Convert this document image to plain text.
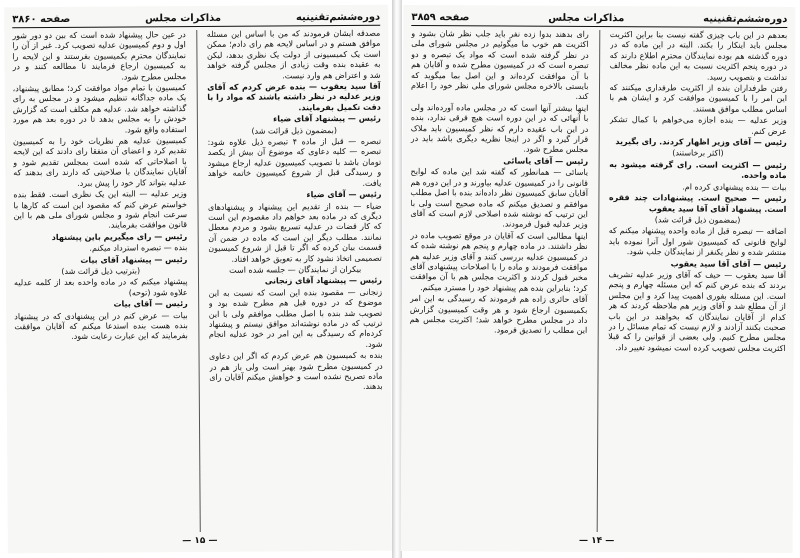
دوره‌ششم‌تقنینیه
مذاکرات مجلس
صفحه ۳۸۶۰

مصدقه ایشان فرمودند که من با اساس این مسئله موافق هستم و در اساس لایحه هم رای دادم؛ ممکن است یک کمیسیونی از دولت یک نظری بدهد، لیکن به عقیده بنده وقت زیادی از مجلس گرفته خواهد شد و اعتراض هم وارد نیست.

آقا سید یعقوب — بنده عرض کردم که آقای وزیر عدلیه در نظر داشته باشند که مواد را با دقت تکمیل بفرمایند.

رئیس — پیشنهاد آقای ضیاء

(بمضمون ذیل قرائت شد)

تبصره — قبل از ماده ۴ تبصره ذیل علاوه شود: تبصره — کلیه دعاوی که موضوع آن بیش از یکصد تومان باشد با تصویب کمیسیون عدلیه ارجاع میشود و رسیدگی قبل از شروع کمیسیون خاتمه خواهد یافت.

رئیس — آقای ضیاء

ضیاء — بنده از تقدیم این پیشنهاد و پیشنهادهای دیگری که در ماده بعد خواهم داد مقصودم این است که کار قضات در عدلیه تسریع بشود و مردم معطل نمانند. مطلب دیگر این است که ماده در ضمن آن قسمت بیان کرده که اگر تا قبل از شروع کمیسیون تصمیمی اتخاذ نشود کار به تعویق خواهد افتاد.

بیکران از نمایندگان — جلسه شده است

رئیس — پیشنهاد آقای زنجانی

زنجانی — مقصود بنده این است که نسبت به این موضوع که در دوره قبل هم مطرح شده بود و تصویب شد بنده با اصل مطلب موافقم ولی با این ترتیب که در ماده نوشته‌اند موافق نیستم و پیشنهاد کرده‌ام که رسیدگی به این امر در خود عدلیه انجام شود.

بنده به کمیسیون هم عرض کردم که اگر این دعاوی در کمیسیون مطرح شود بهتر است ولی باز هم در ماده تصریح نشده است و خواهش میکنم آقایان رای بدهند.

در عین حال پیشنهاد شده است که بین دو دور شور اول و دوم کمیسیون عدلیه تصویب کرد. غیر از آن را نمایندگان محترم بکمیسیون بفرستند و این لایحه را به کمیسیون ارجاع فرمایند تا مطالعه کنند و در مجلس مطرح شود.

کمیسیون با تمام مواد موافقت کرد؛ مطابق پیشنهاد، یک ماده جداگانه تنظیم میشود و در مجلس به رای گذاشته خواهد شد. عدلیه هم مکلف است که گزارش خودش را به مجلس بدهد تا در دوره بعد هم مورد استفاده واقع شود.

کمیسیون عدلیه هم نظریات خود را به کمیسیون تقدیم کرد و اعضای آن متفقا رای دادند که این لایحه با اصلاحاتی که شده است بمجلس تقدیم شود و آقایان نمایندگان با صلاحیتی که دارند رای بدهند که عدلیه بتواند کار خود را پیش ببرد.

وزیر عدلیه — البته این یک نظری است. فقط بنده خواستم عرض کنم که مقصود این است که کارها با سرعت انجام شود و مجلس شورای ملی هم با این قانون موافقت بفرمایند.

رئیس — رای میگیریم باین پیشنهاد

بنده — تبصره استرداد میکنم.

رئیس — پیشنهاد آقای بیات

(بترتیب ذیل قرائت شد)

پیشنهاد میکنم که در ماده واحده بعد از کلمه عدلیه علاوه شود (توحه)

رئیس — آقای بیات

بیات — عرض کنم در این پیشنهادی که در پیشنهاد بنده هست بنده استدعا میکنم که آقایان موافقت بفرمایند که این عبارت رعایت شود.

— ۱۵ —
دوره‌ششم‌تقنینیه
مذاکرات مجلس
صفحه ۳۸۵۹

بعدهم در این باب چیزی گفته نیست بنا براین اکثریت مجلس باید اینکار را بکند. البته در این ماده که در دوره گذشته هم بوده نمایندگان محترم اطلاع دارند که در دوره پنجم اکثریت نسبت به این ماده نظر مخالف نداشت و بتصویب رسید.

رفتن طرفداران بنده از اکثریت طرفداری میکنند که این امر را با کمیسیون موافقت کرد و ایشان هم با اساس مطلب موافق هستند.

وزیر عدلیه — بنده اجازه می‌خواهم با کمال تشکر عرض کنم.

رئیس — آقای وزیر اظهار کردند. رای بگیرید

(اکثر برخاستند)

رئیس — اکثریت است. رای گرفته میشود به ماده واحده.

بیات — بنده پیشنهادی کرده ام.

رئیس — صحیح است. پیشنهادات چند فقره است. پیشنهاد آقای آقا سید یعقوب

(بمضمون ذیل قرائت شد)

اضافه — تبصره قبل از ماده واحده پیشنهاد میکنم که لوایح قانونی که کمیسیون شور اول آنرا نموده باید منتشر شده و نظر یکنفر از نمایندگان جلب شود.

رئیس — آقای آقا سید یعقوب

آقا سید یعقوب — حیف که آقای وزیر عدلیه تشریف بردند که بنده عرض کنم که این مسئله چهارم و پنجم است. این مسئله بفوری اهمیت پیدا کرد و این مجلس از آن مطلع شد و آقای وزیر هم ملاحظه کردند که هر کدام از آقایان نمایندگان که بخواهند در این باب صحبت بکنند آزادند و لازم نیست که تمام مسائل را در مجلس مطرح کنیم. ولی بعضی از قوانین را که قبلا اکثریت مجلس تصویب کرده است نمیشود تغییر داد.

رای بدهند بدوا زده نفر باید جلب نظر شان بشود و اکثریت هم خوب ما میگوئیم در مجلس شورای ملی در نظر گرفته شده است که مواد یک تبصره و دو تبصره است که در کمیسیون مطرح شده و آقایان هم با آن موافقت کرده‌اند و این اصل بما میگوید که بایستی بالاخره مجلس شورای ملی نظر خود را اعلام کند.

اینها بیشتر آنها است که در مجلس ماده آورده‌اند ولی با آنهائی که در این دوره است هیچ فرقی ندارد، بنده در این باب عقیده دارم که نظر کمیسیون باید ملاک قرار گیرد و اگر در اینجا نظریه دیگری باشد باید در مجلس مطرح شود.

رئیس — آقای یاسائی

یاسائی — همانطور که گفته شد این ماده که لوایح قانونی را در کمیسیون عدلیه بیاورند و در این دوره هم آقایان سابق کمیسیون نظر داده‌اند بنده با اصل مطلب موافقم و تصدیق میکنم که ماده صحیح است ولی با این ترتیب که نوشته شده اصلاحی لازم است که آقای وزیر عدلیه قبول فرمودند.

اینها مطالبی است که آقایان در موقع تصویب ماده در نظر داشتند. در ماده چهارم و پنجم هم نوشته شده که در کمیسیون عدلیه بررسی کنند و آقای وزیر عدلیه هم موافقت فرمودند و ماده را با اصلاحات پیشنهادی آقای مخبر قبول کردند و اکثریت مجلس هم با آن موافقت کرد؛ بنابراین بنده هم پیشنهاد خود را مسترد میکنم.

آقای حائری زاده هم فرمودند که رسیدگی به این امر بکمیسیون ارجاع شود و هر وقت کمیسیون گزارش داد در مجلس مطرح خواهد شد؛ اکثریت مجلس هم این مطلب را تصدیق فرمود.

— ۱۴ —
